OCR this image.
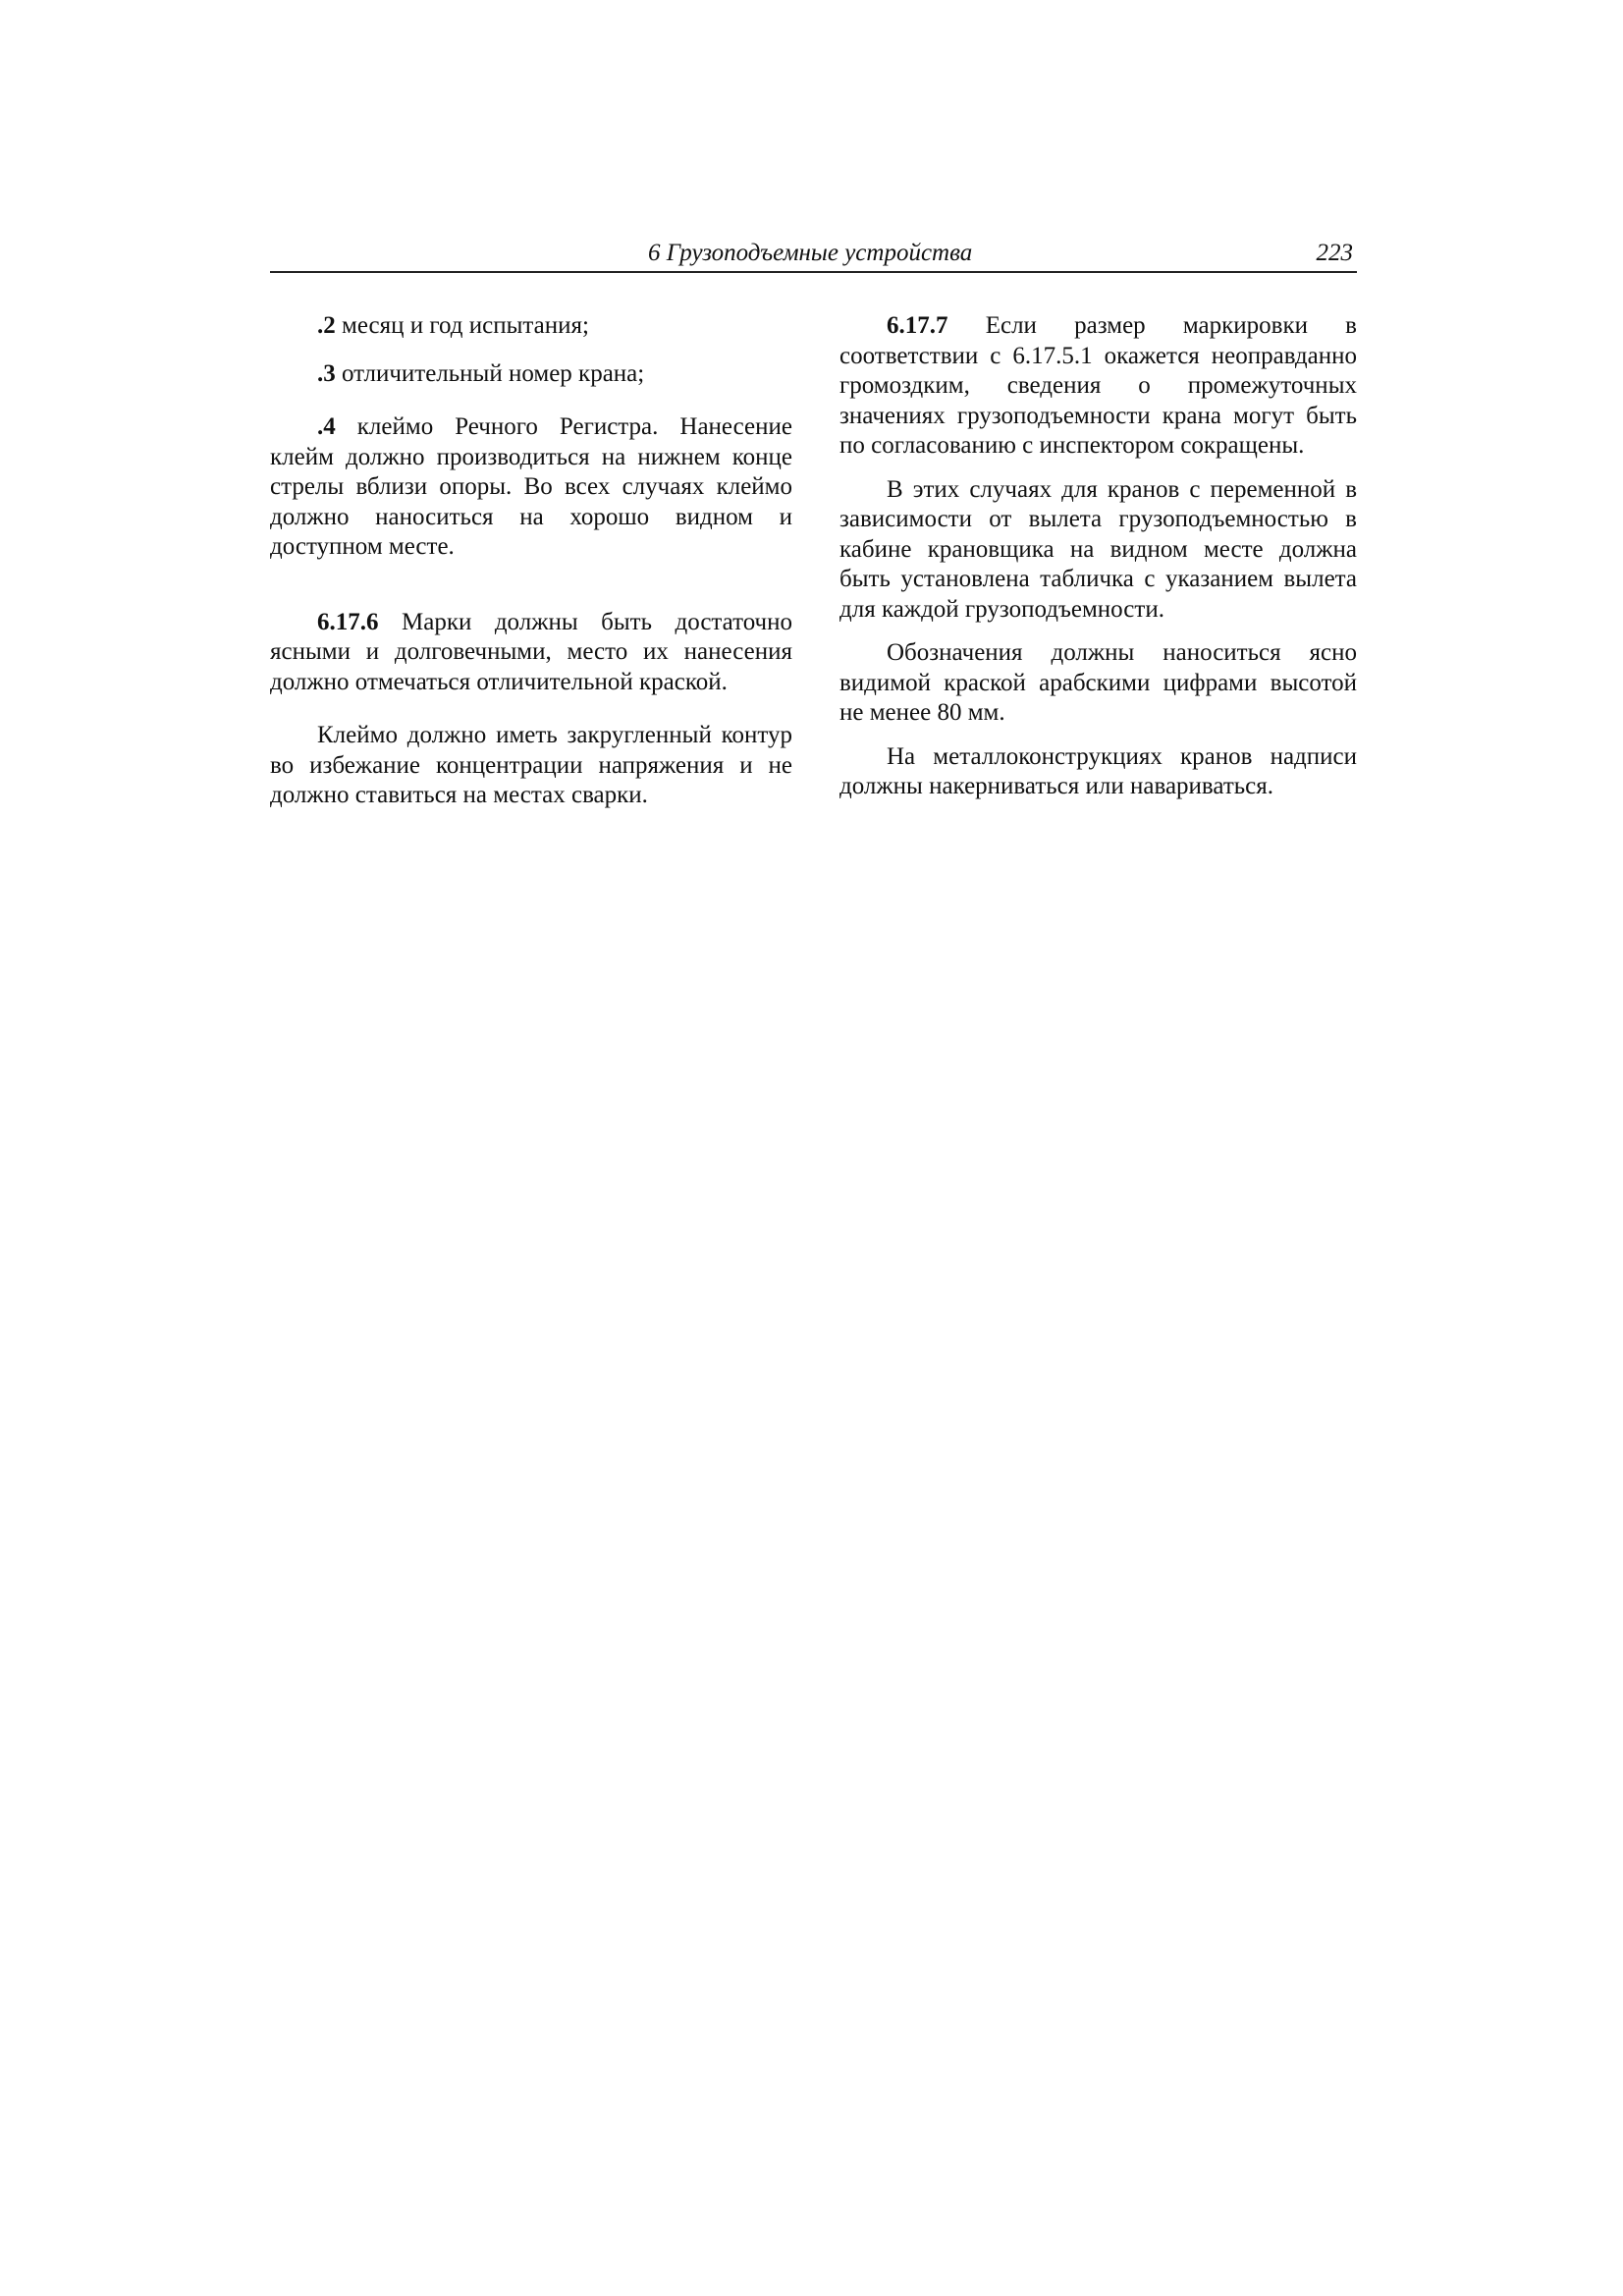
6 Грузоподъемные устройства	223

.2 месяц и год испытания;

.3 отличительный номер крана;

.4 клеймо Речного Регистра. Нанесение клейм должно производиться на нижнем конце стрелы вблизи опоры. Во всех случаях клеймо должно наноситься на хорошо видном и доступном месте.

6.17.6 Марки должны быть достаточно ясными и долговечными, место их нанесения должно отмечаться отличительной краской.

Клеймо должно иметь закругленный контур во избежание концентрации напряжения и не должно ставиться на местах сварки.

6.17.7 Если размер маркировки в соответствии с 6.17.5.1 окажется неоправданно громоздким, сведения о промежуточных значениях грузоподъемности крана могут быть по согласованию с инспектором сокращены.

В этих случаях для кранов с переменной в зависимости от вылета грузоподъемностью в кабине крановщика на видном месте должна быть установлена табличка с указанием вылета для каждой грузоподъемности.

Обозначения должны наноситься ясно видимой краской арабскими цифрами высотой не менее 80 мм.

На металлоконструкциях кранов надписи должны накерниваться или навариваться.
